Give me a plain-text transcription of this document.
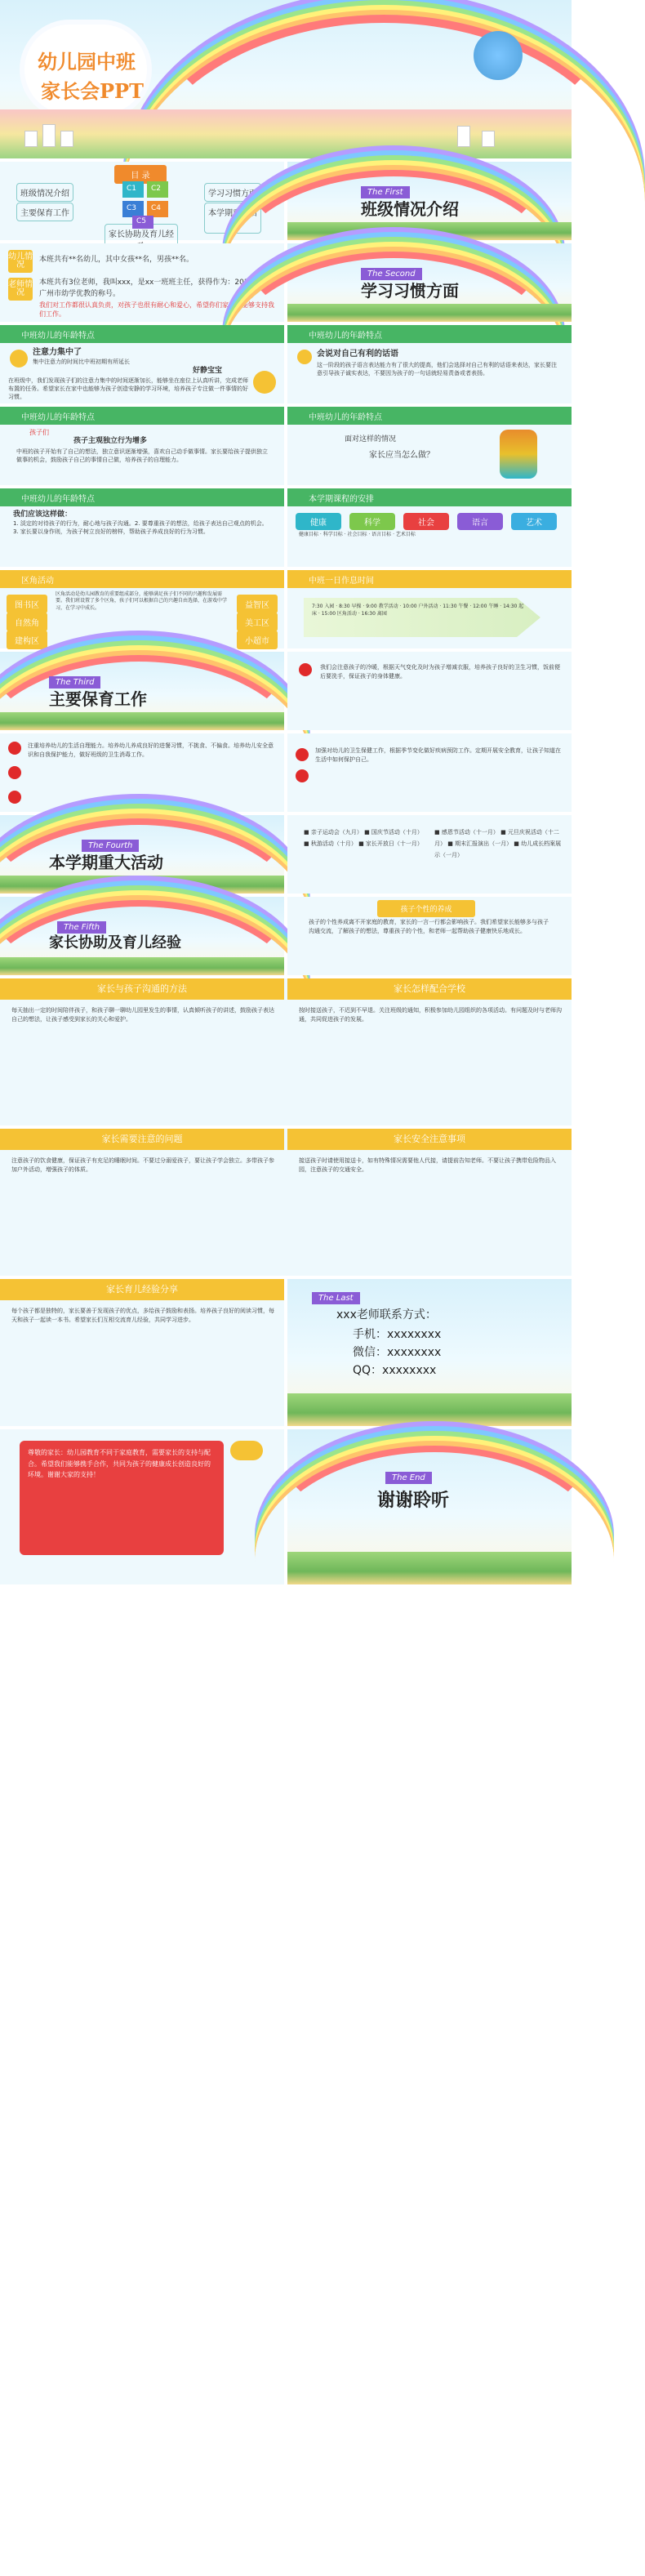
幼儿园中班
家长会PPT
目 录
班级情况介绍	学习习惯方面
主要保育工作	本学期重大活动
家长协助及育儿经
C1 C2
C3 C4
C5
The First
班级情况介绍
幼儿情况
本班共有**名幼儿，其中女孩**名，男孩**名。
老师情况
本班共有3位老师，我叫xxx，是xx一班班主任，获得作为：2011年获得广州市幼学优教的称号。
我们对工作都很认真负责，对孩子也很有耐心和爱心，希望你们家长们能够支持我们工作。
The Second
学习习惯方面
中班幼儿的年龄特点
注意力集中了
集中注意力的时间比中班初期有所延长
好静宝宝
在班级中，我们发现孩子们的注意力集中的时间逐渐加长，能够坐在座位上认真听讲，完成老师布置的任务。希望家长在家中也能够为孩子创造安静的学习环境，培养孩子专注做一件事情的好习惯。
中班幼儿的年龄特点
会说对自己有利的话语
这一阶段的孩子语言表达能力有了很大的提高，他们会选择对自己有利的话语来表达，家长要注意引导孩子诚实表达，不要因为孩子的一句话就轻易责备或者表扬。
中班幼儿的年龄特点
孩子们
孩子主观独立行为增多
中班的孩子开始有了自己的想法，独立意识逐渐增强，喜欢自己动手做事情。家长要给孩子提供独立做事的机会，鼓励孩子自己的事情自己做，培养孩子的自理能力。
中班幼儿的年龄特点
面对这样的情况
家长应当怎么做？
中班幼儿的年龄特点
我们应该这样做：
1. 淡定的对待孩子的行为，耐心地与孩子沟通。2. 要尊重孩子的想法，给孩子表达自己观点的机会。3. 家长要以身作则，为孩子树立良好的榜样，帮助孩子养成良好的行为习惯。
本学期课程的安排
健康	科学	社会	语言	艺术
健康目标 · 科学目标 · 社会目标 · 语言目标 · 艺术目标
区角活动
图书区
自然角
建构区
益智区
美工区
小超市
区角活动是幼儿园教育的重要组成部分，能够满足孩子们不同的兴趣和发展需要。我们班设置了多个区角，孩子们可以根据自己的兴趣自由选择，在游戏中学习，在学习中成长。
表演区
中班一日作息时间
7:30 入园 · 8:30 早操 · 9:00 教学活动 · 10:00 户外活动 · 11:30 午餐 · 12:00 午睡 · 14:30 起床 · 15:00 区角活动 · 16:30 离园
The Third
主要保育工作
我们会注意孩子的冷暖，根据天气变化及时为孩子增减衣服，培养孩子良好的卫生习惯，饭前便后要洗手，保证孩子的身体健康。
注重培养幼儿的生活自理能力。培养幼儿养成良好的进餐习惯，不挑食、不偏食。培养幼儿安全意识和自我保护能力，做好班级的卫生消毒工作。
加强对幼儿的卫生保健工作，根据季节变化做好疾病预防工作。定期开展安全教育，让孩子知道在生活中如何保护自己。
The Fourth
本学期重大活动
■ 亲子运动会（九月） ■ 国庆节活动（十月） ■ 秋游活动（十月） ■ 家长开放日（十一月）
■ 感恩节活动（十一月） ■ 元旦庆祝活动（十二月） ■ 期末汇报演出（一月） ■ 幼儿成长档案展示（一月）
The Fifth
家长协助及育儿经验
孩子个性的养成
孩子的个性养成离不开家庭的教育，家长的一言一行都会影响孩子。我们希望家长能够多与孩子沟通交流，了解孩子的想法，尊重孩子的个性，和老师一起帮助孩子健康快乐地成长。
家长与孩子沟通的方法	家长怎样配合学校
每天抽出一定的时间陪伴孩子，和孩子聊一聊幼儿园里发生的事情，认真倾听孩子的讲述，鼓励孩子表达自己的想法，让孩子感受到家长的关心和爱护。
按时接送孩子，不迟到不早退。关注班级的通知，积极参加幼儿园组织的各项活动。有问题及时与老师沟通，共同促进孩子的发展。
家长需要注意的问题	家长安全注意事项
注意孩子的饮食健康，保证孩子有充足的睡眠时间。不要过分溺爱孩子，要让孩子学会独立。多带孩子参加户外活动，增强孩子的体质。
接送孩子时请使用接送卡，如有特殊情况需要他人代接，请提前告知老师。不要让孩子携带危险物品入园，注意孩子的交通安全。
家长育儿经验分享
每个孩子都是独特的，家长要善于发现孩子的优点，多给孩子鼓励和表扬。培养孩子良好的阅读习惯，每天和孩子一起读一本书。希望家长们互相交流育儿经验，共同学习进步。
The Last
xxx老师联系方式：
手机：xxxxxxxx
微信：xxxxxxxx
QQ：xxxxxxxx
尊敬的家长：幼儿园教育不同于家庭教育，需要家长的支持与配合。希望我们能够携手合作，共同为孩子的健康成长创造良好的环境。谢谢大家的支持！	The End
谢谢聆听
